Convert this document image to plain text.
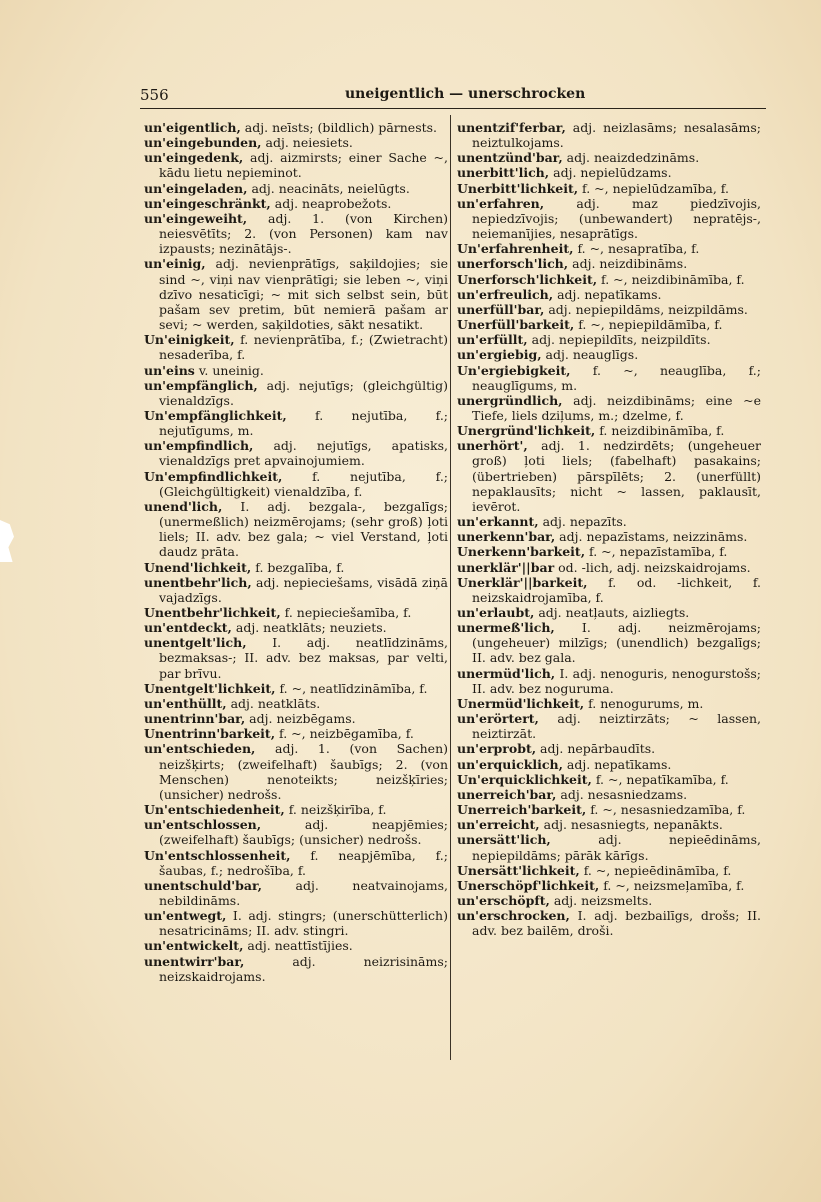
556	uneigentlich — unerschrocken

un'eigentlich, adj. neīsts; (bildlich) pārnests.

un'eingebunden, adj. neiesiets.

un'eingedenk, adj. aizmirsts; einer Sache ~, kādu lietu nepieminot.

un'eingeladen, adj. neacināts, neielūgts.

un'eingeschränkt, adj. neaprobežots.

un'eingeweiht, adj. 1. (von Kirchen) neiesvētīts; 2. (von Personen) kam nav izpausts; nezinātājs-.

un'einig, adj. nevienprātīgs, saķildojies; sie sind ~, viņi nav vienprātīgi; sie leben ~, viņi dzīvo nesaticīgi; ~ mit sich selbst sein, būt pašam sev pretim, būt nemierā pašam ar sevi; ~ werden, saķildoties, sākt nesatikt.

Un'einigkeit, f. nevienprātība, f.; (Zwietracht) nesaderība, f.

un'eins v. uneinig.

un'empfänglich, adj. nejutīgs; (gleichgültig) vienaldzīgs.

Un'empfänglichkeit, f. nejutība, f.; nejutīgums, m.

un'empfindlich, adj. nejutīgs, apatisks, vienaldzīgs pret apvainojumiem.

Un'empfindlichkeit, f. nejutība, f.; (Gleichgültigkeit) vienaldzība, f.

unend'lich, I. adj. bezgala-, bezgalīgs; (unermeßlich) neizmērojams; (sehr groß) ļoti liels; II. adv. bez gala; ~ viel Verstand, ļoti daudz prāta.

Unend'lichkeit, f. bezgalība, f.

unentbehr'lich, adj. nepieciešams, visādā ziņā vajadzīgs.

Unentbehr'lichkeit, f. nepieciešamība, f.

un'entdeckt, adj. neatklāts; neuziets.

unentgelt'lich, I. adj. neatlīdzināms, bezmaksas-; II. adv. bez maksas, par velti, par brīvu.

Unentgelt'lichkeit, f. ~, neatlīdzināmība, f.

un'enthüllt, adj. neatklāts.

unentrinn'bar, adj. neizbēgams.

Unentrinn'barkeit, f. ~, neizbēgamība, f.

un'entschieden, adj. 1. (von Sachen) neizšķirts; (zweifelhaft) šaubīgs; 2. (von Menschen) nenoteikts; neizšķīries; (unsicher) nedrošs.

Un'entschiedenheit, f. neizšķirība, f.

un'entschlossen, adj. neapjēmies; (zweifelhaft) šaubīgs; (unsicher) nedrošs.

Un'entschlossenheit, f. neapjēmība, f.; šaubas, f.; nedrošība, f.

unentschuld'bar, adj. neatvainojams, nebildināms.

un'entwegt, I. adj. stingrs; (unerschütterlich) nesatricināms; II. adv. stingri.

un'entwickelt, adj. neattīstījies.

unentwirr'bar, adj. neizrisināms; neizskaidrojams.

unentzif'ferbar, adj. neizlasāms; nesalasāms; neiztulkojams.

unentzünd'bar, adj. neaizdedzināms.

unerbitt'lich, adj. nepielūdzams.

Unerbitt'lichkeit, f. ~, nepielūdzamība, f.

un'erfahren, adj. maz piedzīvojis, nepiedzīvojis; (unbewandert) nepratējs-, neiemanījies, nesaprātīgs.

Un'erfahrenheit, f. ~, nesapratība, f.

unerforsch'lich, adj. neizdibināms.

Unerforsch'lichkeit, f. ~, neizdibināmība, f.

un'erfreulich, adj. nepatīkams.

unerfüll'bar, adj. nepiepildāms, neizpildāms.

Unerfüll'barkeit, f. ~, nepiepildāmība, f.

un'erfüllt, adj. nepiepildīts, neizpildīts.

un'ergiebig, adj. neauglīgs.

Un'ergiebigkeit, f. ~, neauglība, f.; neauglīgums, m.

unergründlich, adj. neizdibināms; eine ~e Tiefe, liels dziļums, m.; dzelme, f.

Unergründ'lichkeit, f. neizdibināmība, f.

unerhört', adj. 1. nedzirdēts; (ungeheuer groß) ļoti liels; (fabelhaft) pasakains; (übertrieben) pārspīlēts; 2. (unerfüllt) nepaklausīts; nicht ~ lassen, paklausīt, ievērot.

un'erkannt, adj. nepazīts.

unerkenn'bar, adj. nepazīstams, neizzināms.

Unerkenn'barkeit, f. ~, nepazīstamība, f.

unerklär'||bar od. -lich, adj. neizskaidrojams.

Unerklär'||barkeit, f. od. -lichkeit, f. neizskaidrojamība, f.

un'erlaubt, adj. neatļauts, aizliegts.

unermeß'lich, I. adj. neizmērojams; (ungeheuer) milzīgs; (unendlich) bezgalīgs; II. adv. bez gala.

unermüd'lich, I. adj. nenoguris, nenogurstošs; II. adv. bez noguruma.

Unermüd'lichkeit, f. nenogurums, m.

un'erörtert, adj. neiztirzāts; ~ lassen, neiztirzāt.

un'erprobt, adj. nepārbaudīts.

un'erquicklich, adj. nepatīkams.

Un'erquicklichkeit, f. ~, nepatīkamība, f.

unerreich'bar, adj. nesasniedzams.

Unerreich'barkeit, f. ~, nesasniedzamība, f.

un'erreicht, adj. nesasniegts, nepanākts.

unersätt'lich, adj. nepieēdināms, nepiepildāms; pārāk kārīgs.

Unersätt'lichkeit, f. ~, nepieēdināmība, f.

Unerschöpf'lichkeit, f. ~, neizsmeļamība, f.

un'erschöpft, adj. neizsmelts.

un'erschrocken, I. adj. bezbailīgs, drošs; II. adv. bez bailēm, droši.
